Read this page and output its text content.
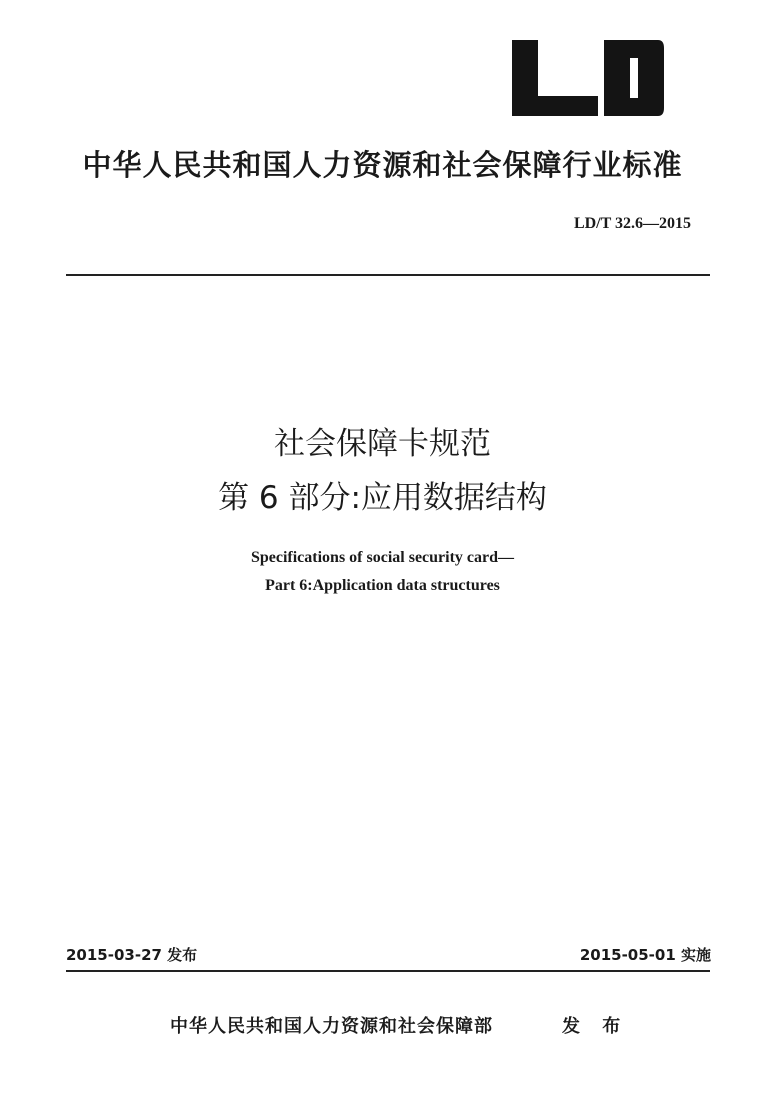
中华人民共和国人力资源和社会保障行业标准
LD/T 32.6—2015
社会保障卡规范
第 6 部分:应用数据结构
Specifications of social security card—
Part 6:Application data structures
2015-03-27 发布	2015-05-01 实施
中华人民共和国人力资源和社会保障部	发 布
